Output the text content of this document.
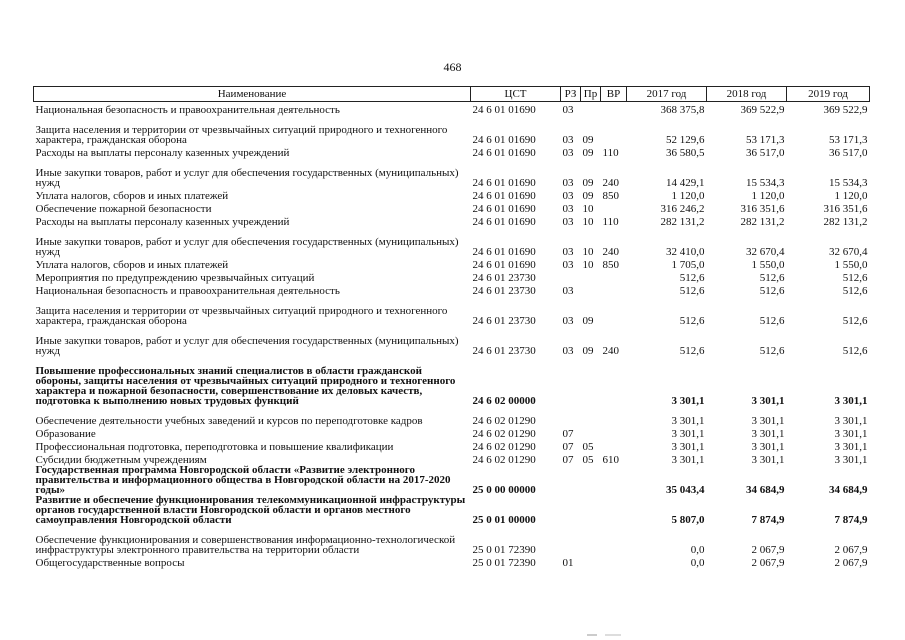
468
Наименование	ЦСТ	РЗ	Пр	ВР	2017 год	2018 год	2019 год
Национальная безопасность и правоохранительная деятельность	24 6 01 01690	03			368 375,8	369 522,9	369 522,9
Защита населения и территории от чрезвычайных ситуаций природного и техногенного характера, гражданская оборона	24 6 01 01690	03	09		52 129,6	53 171,3	53 171,3
Расходы на выплаты персоналу казенных учреждений	24 6 01 01690	03	09	110	36 580,5	36 517,0	36 517,0
Иные закупки товаров, работ и услуг для обеспечения государственных (муниципальных) нужд	24 6 01 01690	03	09	240	14 429,1	15 534,3	15 534,3
Уплата налогов, сборов и иных платежей	24 6 01 01690	03	09	850	1 120,0	1 120,0	1 120,0
Обеспечение пожарной безопасности	24 6 01 01690	03	10		316 246,2	316 351,6	316 351,6
Расходы на выплаты персоналу казенных учреждений	24 6 01 01690	03	10	110	282 131,2	282 131,2	282 131,2
Иные закупки товаров, работ и услуг для обеспечения государственных (муниципальных) нужд	24 6 01 01690	03	10	240	32 410,0	32 670,4	32 670,4
Уплата налогов, сборов и иных платежей	24 6 01 01690	03	10	850	1 705,0	1 550,0	1 550,0
Мероприятия по предупреждению чрезвычайных ситуаций	24 6 01 23730				512,6	512,6	512,6
Национальная безопасность и правоохранительная деятельность	24 6 01 23730	03			512,6	512,6	512,6
Защита населения и территории от чрезвычайных ситуаций природного и техногенного характера, гражданская оборона	24 6 01 23730	03	09		512,6	512,6	512,6
Иные закупки товаров, работ и услуг для обеспечения государственных (муниципальных) нужд	24 6 01 23730	03	09	240	512,6	512,6	512,6
Повышение профессиональных знаний специалистов в области гражданской обороны, защиты населения от чрезвычайных ситуаций природного и техногенного характера и пожарной безопасности, совершенствование их деловых качеств, подготовка к выполнению новых трудовых функций	24 6 02 00000				3 301,1	3 301,1	3 301,1
Обеспечение деятельности учебных заведений и курсов по переподготовке кадров	24 6 02 01290				3 301,1	3 301,1	3 301,1
Образование	24 6 02 01290	07			3 301,1	3 301,1	3 301,1
Профессиональная подготовка, переподготовка и повышение квалификации	24 6 02 01290	07	05		3 301,1	3 301,1	3 301,1
Субсидии бюджетным учреждениям	24 6 02 01290	07	05	610	3 301,1	3 301,1	3 301,1
Государственная программа Новгородской области «Развитие электронного правительства и информационного общества в Новгородской области на 2017-2020 годы»	25 0 00 00000				35 043,4	34 684,9	34 684,9
Развитие и обеспечение функционирования телекоммуникационной инфраструктуры органов государственной власти Новгородской области и органов местного самоуправления Новгородской области	25 0 01 00000				5 807,0	7 874,9	7 874,9
Обеспечение функционирования и совершенствования информационно-технологической инфраструктуры электронного правительства на территории области	25 0 01 72390				0,0	2 067,9	2 067,9
Общегосударственные вопросы	25 0 01 72390	01			0,0	2 067,9	2 067,9
